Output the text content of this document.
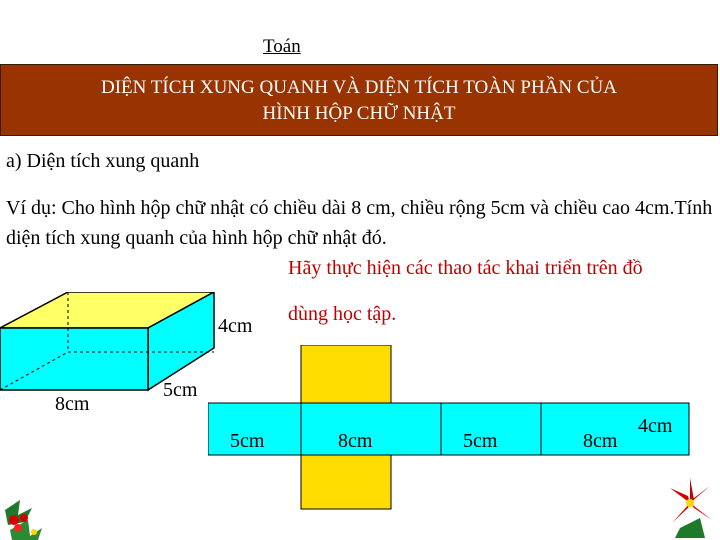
Toán
DIỆN TÍCH XUNG QUANH VÀ DIỆN TÍCH TOÀN PHẦN CỦA
HÌNH HỘP CHỮ NHẬT
a) Diện tích xung quanh
Ví dụ: Cho hình hộp chữ nhật có chiều dài 8 cm, chiều rộng 5cm và chiều cao 4cm.Tính diện tích xung quanh của hình hộp chữ nhật đó.
Hãy thực hiện các thao tác khai triển trên đồ
dùng học tập.
4cm
8cm
5cm
5cm	8cm	5cm	8cm
4cm
